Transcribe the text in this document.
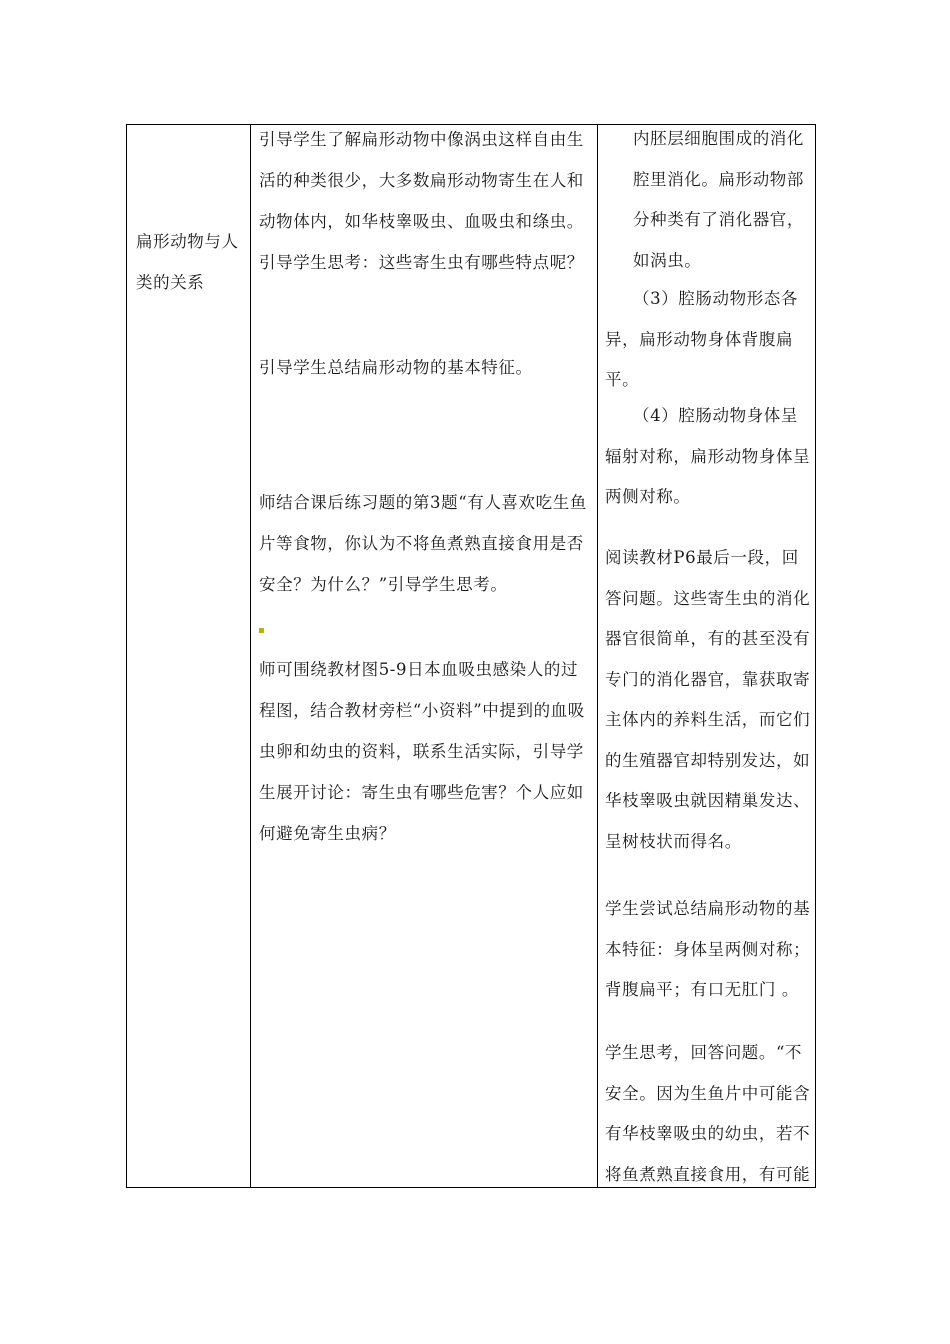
扁形动物与人类的关系
引导学生了解扁形动物中像涡虫这样自由生活的种类很少，大多数扁形动物寄生在人和动物体内，如华枝睾吸虫、血吸虫和绦虫。引导学生思考：这些寄生虫有哪些特点呢？
引导学生总结扁形动物的基本特征。
师结合课后练习题的第3题“有人喜欢吃生鱼片等食物，你认为不将鱼煮熟直接食用是否安全？为什么？”引导学生思考。
▪
师可围绕教材图5-9日本血吸虫感染人的过程图，结合教材旁栏“小资料”中提到的血吸虫卵和幼虫的资料，联系生活实际，引导学生展开讨论：寄生虫有哪些危害？个人应如何避免寄生虫病？
内胚层细胞围成的消化腔里消化。扁形动物部分种类有了消化器官，如涡虫。
（3）腔肠动物形态各异，扁形动物身体背腹扁平。
（4）腔肠动物身体呈辐射对称，扁形动物身体呈两侧对称。
阅读教材P6最后一段，回答问题。这些寄生虫的消化器官很简单，有的甚至没有专门的消化器官，靠获取寄主体内的养料生活，而它们的生殖器官却特别发达，如华枝睾吸虫就因精巢发达、呈树枝状而得名。
学生尝试总结扁形动物的基本特征：身体呈两侧对称；背腹扁平；有口无肛门 。
学生思考，回答问题。“不安全。因为生鱼片中可能含有华枝睾吸虫的幼虫，若不将鱼煮熟直接食用，有可能
